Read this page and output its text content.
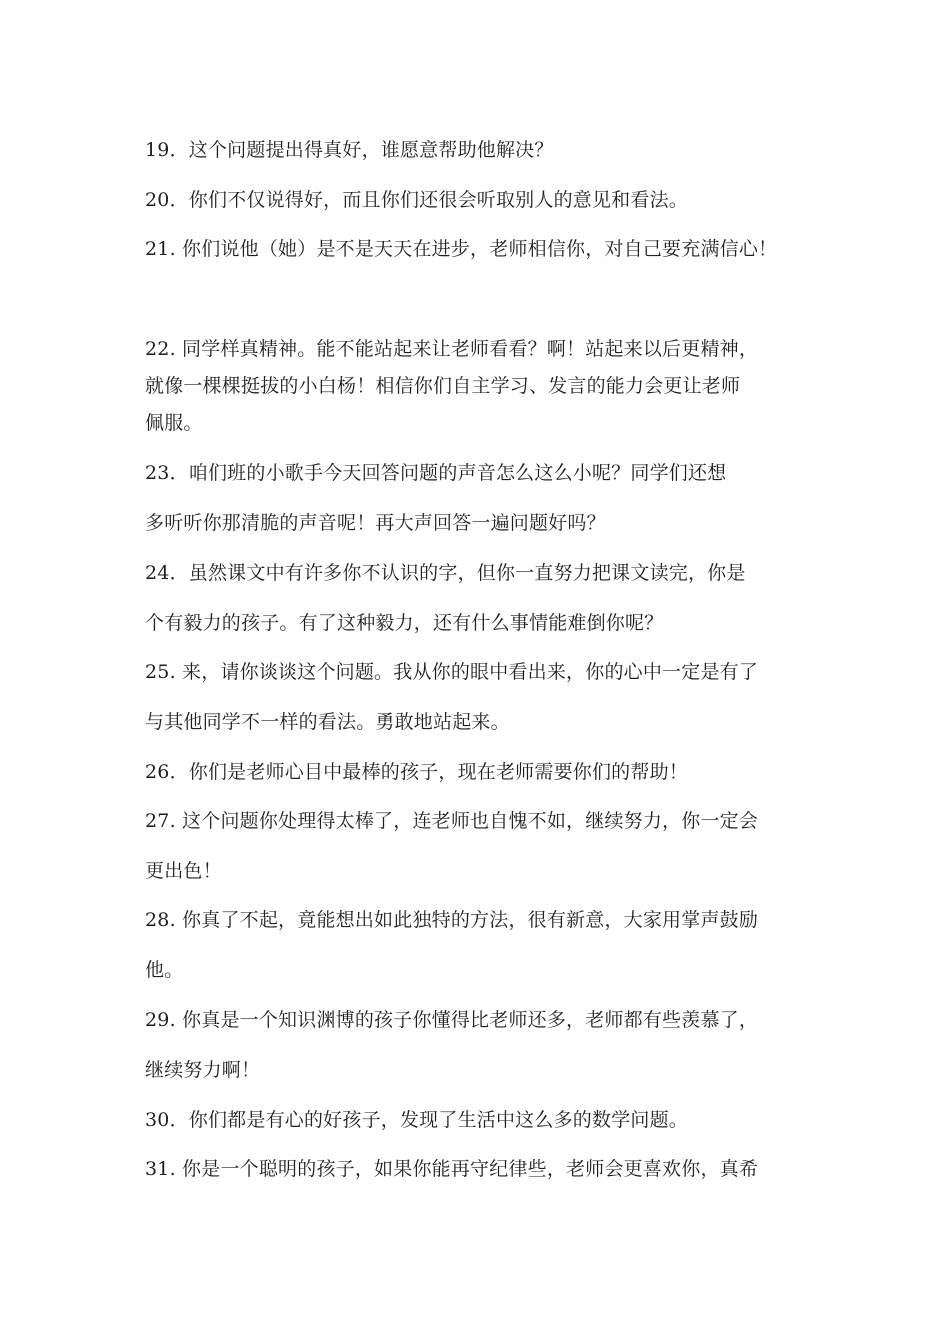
19．这个问题提出得真好，谁愿意帮助他解决？
20．你们不仅说得好，而且你们还很会听取别人的意见和看法。
21. 你们说他（她）是不是天天在进步，老师相信你，对自己要充满信心！
22. 同学样真精神。能不能站起来让老师看看？啊！站起来以后更精神，
就像一棵棵挺拔的小白杨！相信你们自主学习、发言的能力会更让老师
佩服。
23．咱们班的小歌手今天回答问题的声音怎么这么小呢？同学们还想
多听听你那清脆的声音呢！再大声回答一遍问题好吗？
24．虽然课文中有许多你不认识的字，但你一直努力把课文读完，你是
个有毅力的孩子。有了这种毅力，还有什么事情能难倒你呢？
25. 来，请你谈谈这个问题。我从你的眼中看出来，你的心中一定是有了
与其他同学不一样的看法。勇敢地站起来。
26．你们是老师心目中最棒的孩子，现在老师需要你们的帮助！
27. 这个问题你处理得太棒了，连老师也自愧不如，继续努力，你一定会
更出色！
28. 你真了不起，竟能想出如此独特的方法，很有新意，大家用掌声鼓励
他。
29. 你真是一个知识渊博的孩子你懂得比老师还多，老师都有些羡慕了，
继续努力啊！
30．你们都是有心的好孩子，发现了生活中这么多的数学问题。
31. 你是一个聪明的孩子，如果你能再守纪律些，老师会更喜欢你，真希
